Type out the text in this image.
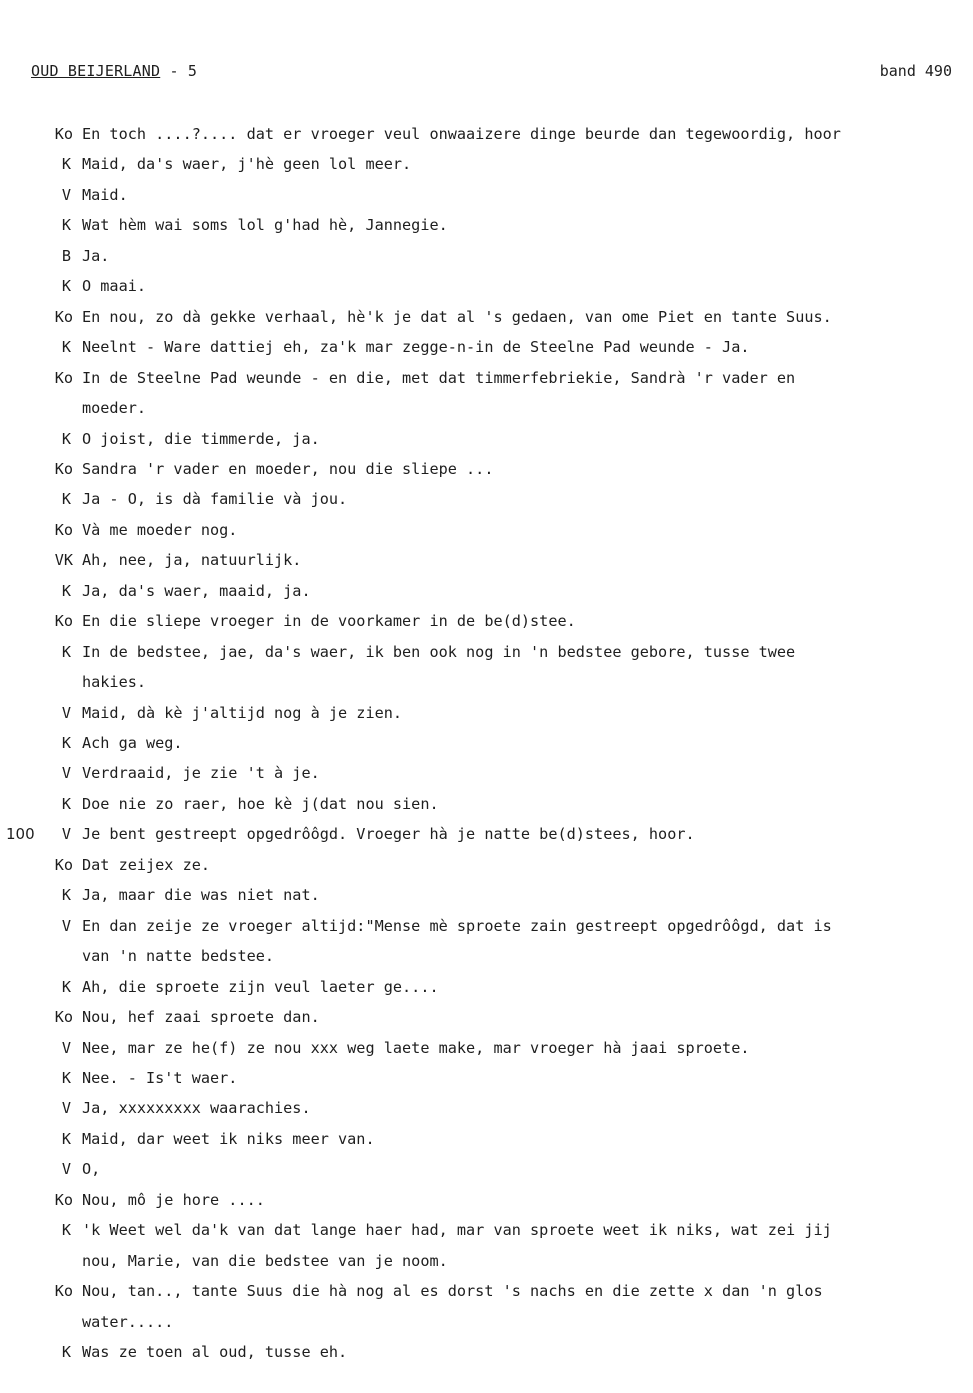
OUD BEIJERLAND - 5	band 490
Ko En toch ....?.... dat er vroeger veul onwaaizere dinge beurde dan tegewoordig, hoor
K Maid, da's waer, j'hè geen lol meer.
V Maid.
K Wat hèm wai soms lol g'had hè, Jannegie.
B Ja.
K O maai.
Ko En nou, zo dà gekke verhaal, hè'k je dat al 's gedaen, van ome Piet en tante Suus.
K Neelnt - Ware dattiej eh, za'k mar zegge-n-in de Steelne Pad weunde - Ja.
Ko In de Steelne Pad weunde - en die, met dat timmerfebriekie, Sandrà 'r vader en
moeder.
K O joist, die timmerde, ja.
Ko Sandra 'r vader en moeder, nou die sliepe ...
K Ja - O, is dà familie và jou.
Ko Và me moeder nog.
VK Ah, nee, ja, natuurlijk.
K Ja, da's waer, maaid, ja.
Ko En die sliepe vroeger in de voorkamer in de be(d)stee.
K In de bedstee, jae, da's waer, ik ben ook nog in 'n bedstee gebore, tusse twee
hakies.
V Maid, dà kè j'altijd nog à je zien.
K Ach ga weg.
V Verdraaid, je zie 't à je.
K Doe nie zo raer, hoe kè j(dat nou sien.
100	V Je bent gestreept opgedrôôgd. Vroeger hà je natte be(d)stees, hoor.
Ko Dat zeijex ze.
K Ja, maar die was niet nat.
V En dan zeije ze vroeger altijd:"Mense mè sproete zain gestreept opgedrôôgd, dat is
van 'n natte bedstee.
K Ah, die sproete zijn veul laeter ge....
Ko Nou, hef zaai sproete dan.
V Nee, mar ze he(f) ze nou xxx weg laete make, mar vroeger hà jaai sproete.
K Nee. - Is't waer.
V Ja, xxxxxxxxx waarachies.
K Maid, dar weet ik niks meer van.
V O,
Ko Nou, mô je hore ....
K 'k Weet wel da'k van dat lange haer had, mar van sproete weet ik niks, wat zei jij
nou, Marie, van die bedstee van je noom.
Ko Nou, tan.., tante Suus die hà nog al es dorst 's nachs en die zette x dan 'n glos
water.....
K Was ze toen al oud, tusse eh.
